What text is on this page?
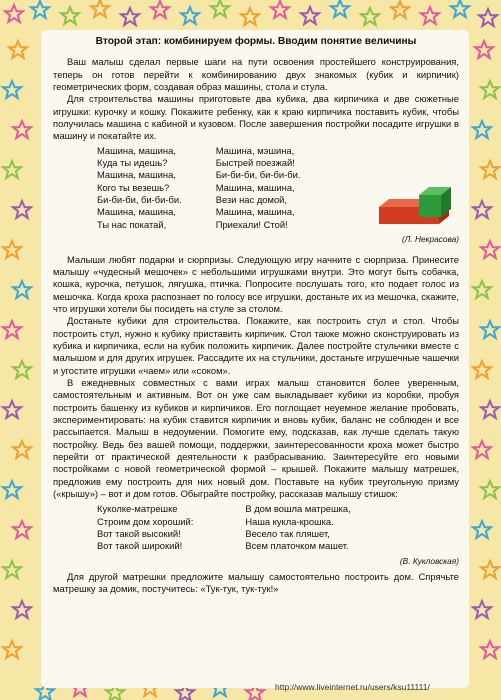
Второй этап: комбинируем формы. Вводим понятие величины

Ваш малыш сделал первые шаги на пути освоения простейшего конструирования, теперь он готов перейти к комбинированию двух знакомых (кубик и кирпичик) геометрических форм, создавая образ машины, стола и стула.

Для строительства машины приготовьте два кубика, два кирпичика и две сюжетные игрушки: курочку и кошку. Покажите ребенку, как к краю кирпичика поставить кубик, чтобы получилась машина с кабиной и кузовом. После завершения постройки посадите игрушки в машину и покатайте их.

Машина, машина,
Куда ты идешь?
Машина, машина,
Кого ты везешь?
Би-би-би, би-би-би.
Машина, машина,
Ты нас покатай,
Машина, мэшина,
Быстрей поезжай!
Би-би-би, би-би-би.
Машина, машина,
Вези нас домой,
Машина, машина,
Приехали! Стой!
(Л. Некрасова)

Малыши любят подарки и сюрпризы. Следующую игру начните с сюрприза. Принесите малышу «чудесный мешочек» с небольшими игрушками внутри. Это могут быть собачка, кошка, курочка, петушок, лягушка, птичка. Попросите послушать того, кто подает голос из мешочка. Когда кроха распознает по голосу все игрушки, достаньте их из мешочка, скажите, что игрушки хотели бы посидеть на стуле за столом.

Достаньте кубики для строительства. Покажите, как построить стул и стол. Чтобы построить стул, нужно к кубику приставить кирпичик. Стол также можно сконструировать из кубика и кирпичика, если на кубик положить кирпичик. Далее постройте стульчики вместе с малышом и для других игрушек. Рассадите их на стульчики, достаньте игрушечные чашечки и угостите игрушки «чаем» или «соком».

В ежедневных совместных с вами играх малыш становится более уверенным, самостоятельным и активным. Вот он уже сам выкладывает кубики из коробки, пробуя построить башенку из кубиков и кирпичиков. Его поглощает неуемное желание пробовать, экспериментировать: на кубик ставится кирпичик и вновь кубик, баланс не соблюден и все рассыпается. Малыш в недоумении. Помогите ему, подсказав, как лучше сделать такую постройку. Ведь без вашей помощи, поддержки, заинтересованности кроха может быстро перейти от практической деятельности к разбрасыванию. Заинтересуйте его новыми постройками с новой геометрической формой – крышей. Покажите малышу матрешек, предложив ему построить для них новый дом. Поставьте на кубик треугольную призму («крышу») – вот и дом готов. Обыграйте постройку, рассказав малышу стишок:

Куколке-матрешке
Строим дом хороший:
Вот такой высокий!
Вот такой широкий!
В дом вошла матрешка,
Наша кукла-крошка.
Весело так пляшет,
Всем платочком машет.
(В. Кукловская)

Для другой матрешки предложите малышу самостоятельно построить дом. Спрячьте матрешку за домик, постучитесь: «Тук-тук, тук-тук!»

http://www.liveinternet.ru/users/ksu11111/
